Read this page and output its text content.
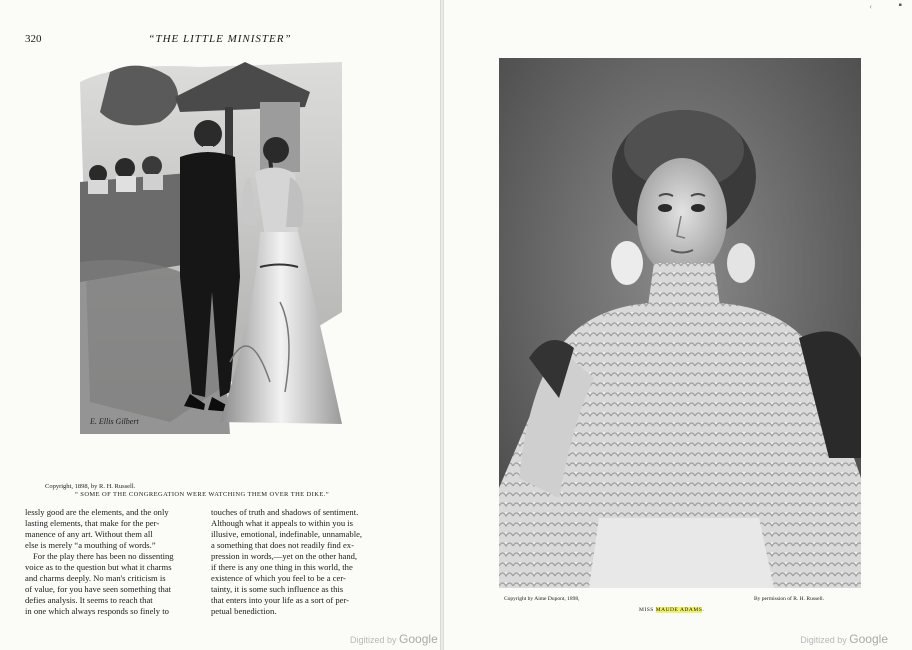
320	“THE LITTLE MINISTER”
E. Ellis Gilbert
Copyright, 1898, by R. H. Russell.
“ SOME OF THE CONGREGATION WERE WATCHING THEM OVER THE DIKE.”
lessly good are the elements, and the only
lasting elements, that make for the per-
manence of any art. Without them all
else is merely “a mouthing of words.”
For the play there has been no dissenting
voice as to the question but what it charms
and charms deeply. No man's criticism is
of value, for you have seen something that
defies analysis. It seems to reach that
in one which always responds so finely to
touches of truth and shadows of sentiment.
Although what it appeals to within you is
illusive, emotional, indefinable, unnamable,
a something that does not readily find ex-
pression in words,—yet on the other hand,
if there is any one thing in this world, the
existence of which you feel to be a cer-
tainty, it is some such influence as this
that enters into your life as a sort of per-
petual benediction.
Digitized by Google
‹	▪
Copyright by Aime Dupont, 1898,	By permission of R. H. Russell.
MISS MAUDE ADAMS.
Digitized by Google
